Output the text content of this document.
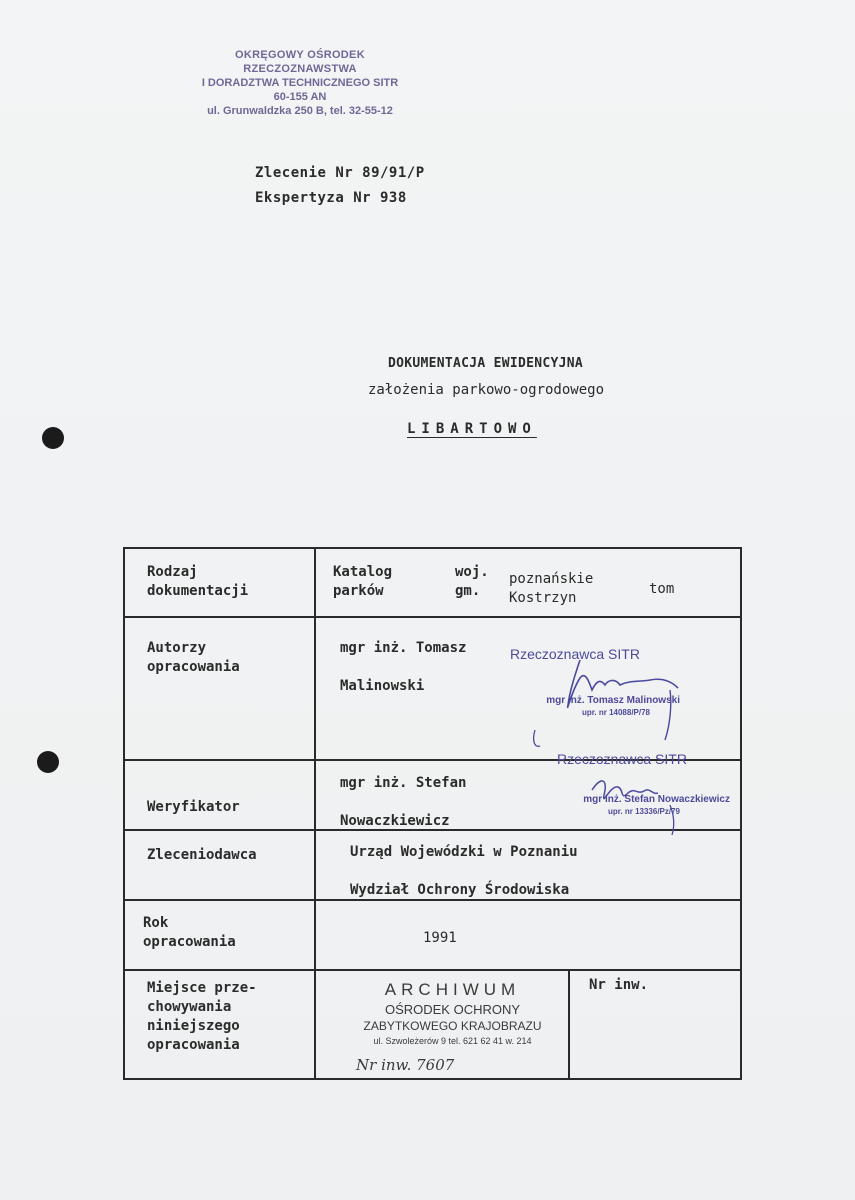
OKRĘGOWY OŚRODEK RZECZOZNAWSTWA
I DORADZTWA TECHNICZNEGO SITR
60-155 AN
ul. Grunwaldzka 250 B, tel. 32-55-12
Zlecenie Nr 89/91/P
Ekspertyza Nr 938
DOKUMENTACJA EWIDENCYJNA
założenia parkowo-ogrodowego
LIBARTOWO
Rodzaj
dokumentacji
Katalog
parków
woj.
gm.
poznańskie
Kostrzyn
tom
Autorzy
opracowania
mgr inż. Tomasz

Malinowski
Weryfikator
mgr inż. Stefan

Nowaczkiewicz
Zleceniodawca	Urząd Wojewódzki w Poznaniu

Wydział Ochrony Środowiska
Rok
opracowania	1991
Miejsce prze-
chowywania
niniejszego
opracowania
Nr inw.
Rzeczoznawca SITR
mgr inż. Tomasz Malinowski
upr. nr 14088/P/78
Rzeczoznawca SITR
mgr inż. Stefan Nowaczkiewicz
upr. nr 13336/Pz/79
ARCHIWUM
OŚRODEK OCHRONY
ZABYTKOWEGO KRAJOBRAZU
ul. Szwoleżerów 9 tel. 621 62 41 w. 214
Nr inw. 7607
